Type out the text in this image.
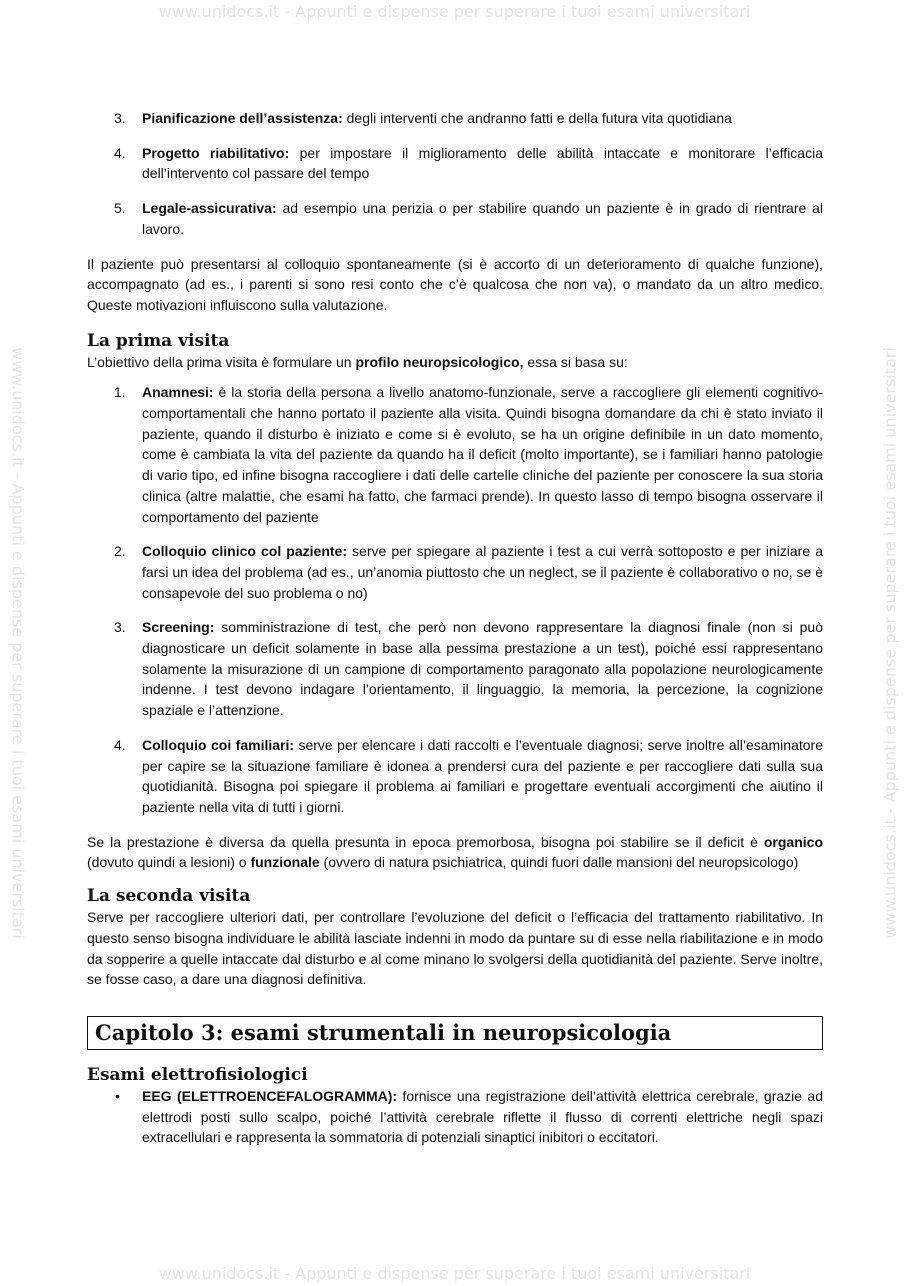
www.unidocs.it - Appunti e dispense per superare i tuoi esami universitari
www.unidocs.it - Appunti e dispense per superare i tuoi esami universitari
www.unidocs.it - Appunti e dispense per superare i tuoi esami universitari	www.unidocs.it - Appunti e dispense per superare i tuoi esami universitari
3. Pianificazione dell’assistenza: degli interventi che andranno fatti e della futura vita quotidiana
4. Progetto riabilitativo: per impostare il miglioramento delle abilità intaccate e monitorare l’efficacia dell’intervento col passare del tempo
5. Legale-assicurativa: ad esempio una perizia o per stabilire quando un paziente è in grado di rientrare al lavoro.

Il paziente può presentarsi al colloquio spontaneamente (si è accorto di un deterioramento di qualche funzione), accompagnato (ad es., i parenti si sono resi conto che c’è qualcosa che non va), o mandato da un altro medico. Queste motivazioni influiscono sulla valutazione.

La prima visita

L’obiettivo della prima visita è formulare un profilo neuropsicologico, essa si basa su:

1. Anamnesi: è la storia della persona a livello anatomo-funzionale, serve a raccogliere gli elementi cognitivo-comportamentali che hanno portato il paziente alla visita. Quindi bisogna domandare da chi è stato inviato il paziente, quando il disturbo è iniziato e come si è evoluto, se ha un origine definibile in un dato momento, come è cambiata la vita del paziente da quando ha il deficit (molto importante), se i familiari hanno patologie di vario tipo, ed infine bisogna raccogliere i dati delle cartelle cliniche del paziente per conoscere la sua storia clinica (altre malattie, che esami ha fatto, che farmaci prende). In questo lasso di tempo bisogna osservare il comportamento del paziente
2. Colloquio clinico col paziente: serve per spiegare al paziente i test a cui verrà sottoposto e per iniziare a farsi un idea del problema (ad es., un’anomia piuttosto che un neglect, se il paziente è collaborativo o no, se è consapevole del suo problema o no)
3. Screening: somministrazione di test, che però non devono rappresentare la diagnosi finale (non si può diagnosticare un deficit solamente in base alla pessima prestazione a un test), poiché essi rappresentano solamente la misurazione di un campione di comportamento paragonato alla popolazione neurologicamente indenne. I test devono indagare l’orientamento, il linguaggio, la memoria, la percezione, la cognizione spaziale e l’attenzione.
4. Colloquio coi familiari: serve per elencare i dati raccolti e l’eventuale diagnosi; serve inoltre all’esaminatore per capire se la situazione familiare è idonea a prendersi cura del paziente e per raccogliere dati sulla sua quotidianità. Bisogna poi spiegare il problema ai familiari e progettare eventuali accorgimenti che aiutino il paziente nella vita di tutti i giorni.

Se la prestazione è diversa da quella presunta in epoca premorbosa, bisogna poi stabilire se il deficit è organico (dovuto quindi a lesioni) o funzionale (ovvero di natura psichiatrica, quindi fuori dalle mansioni del neuropsicologo)

La seconda visita

Serve per raccogliere ulteriori dati, per controllare l’evoluzione del deficit o l’efficacia del trattamento riabilitativo. In questo senso bisogna individuare le abilità lasciate indenni in modo da puntare su di esse nella riabilitazione e in modo da sopperire a quelle intaccate dal disturbo e al come minano lo svolgersi della quotidianità del paziente. Serve inoltre, se fosse caso, a dare una diagnosi definitiva.

Capitolo 3: esami strumentali in neuropsicologia
Esami elettrofisiologici
• EEG (ELETTROENCEFALOGRAMMA): fornisce una registrazione dell’attività elettrica cerebrale, grazie ad elettrodi posti sullo scalpo, poiché l’attività cerebrale riflette il flusso di correnti elettriche negli spazi extracellulari e rappresenta la sommatoria di potenziali sinaptici inibitori o eccitatori.
